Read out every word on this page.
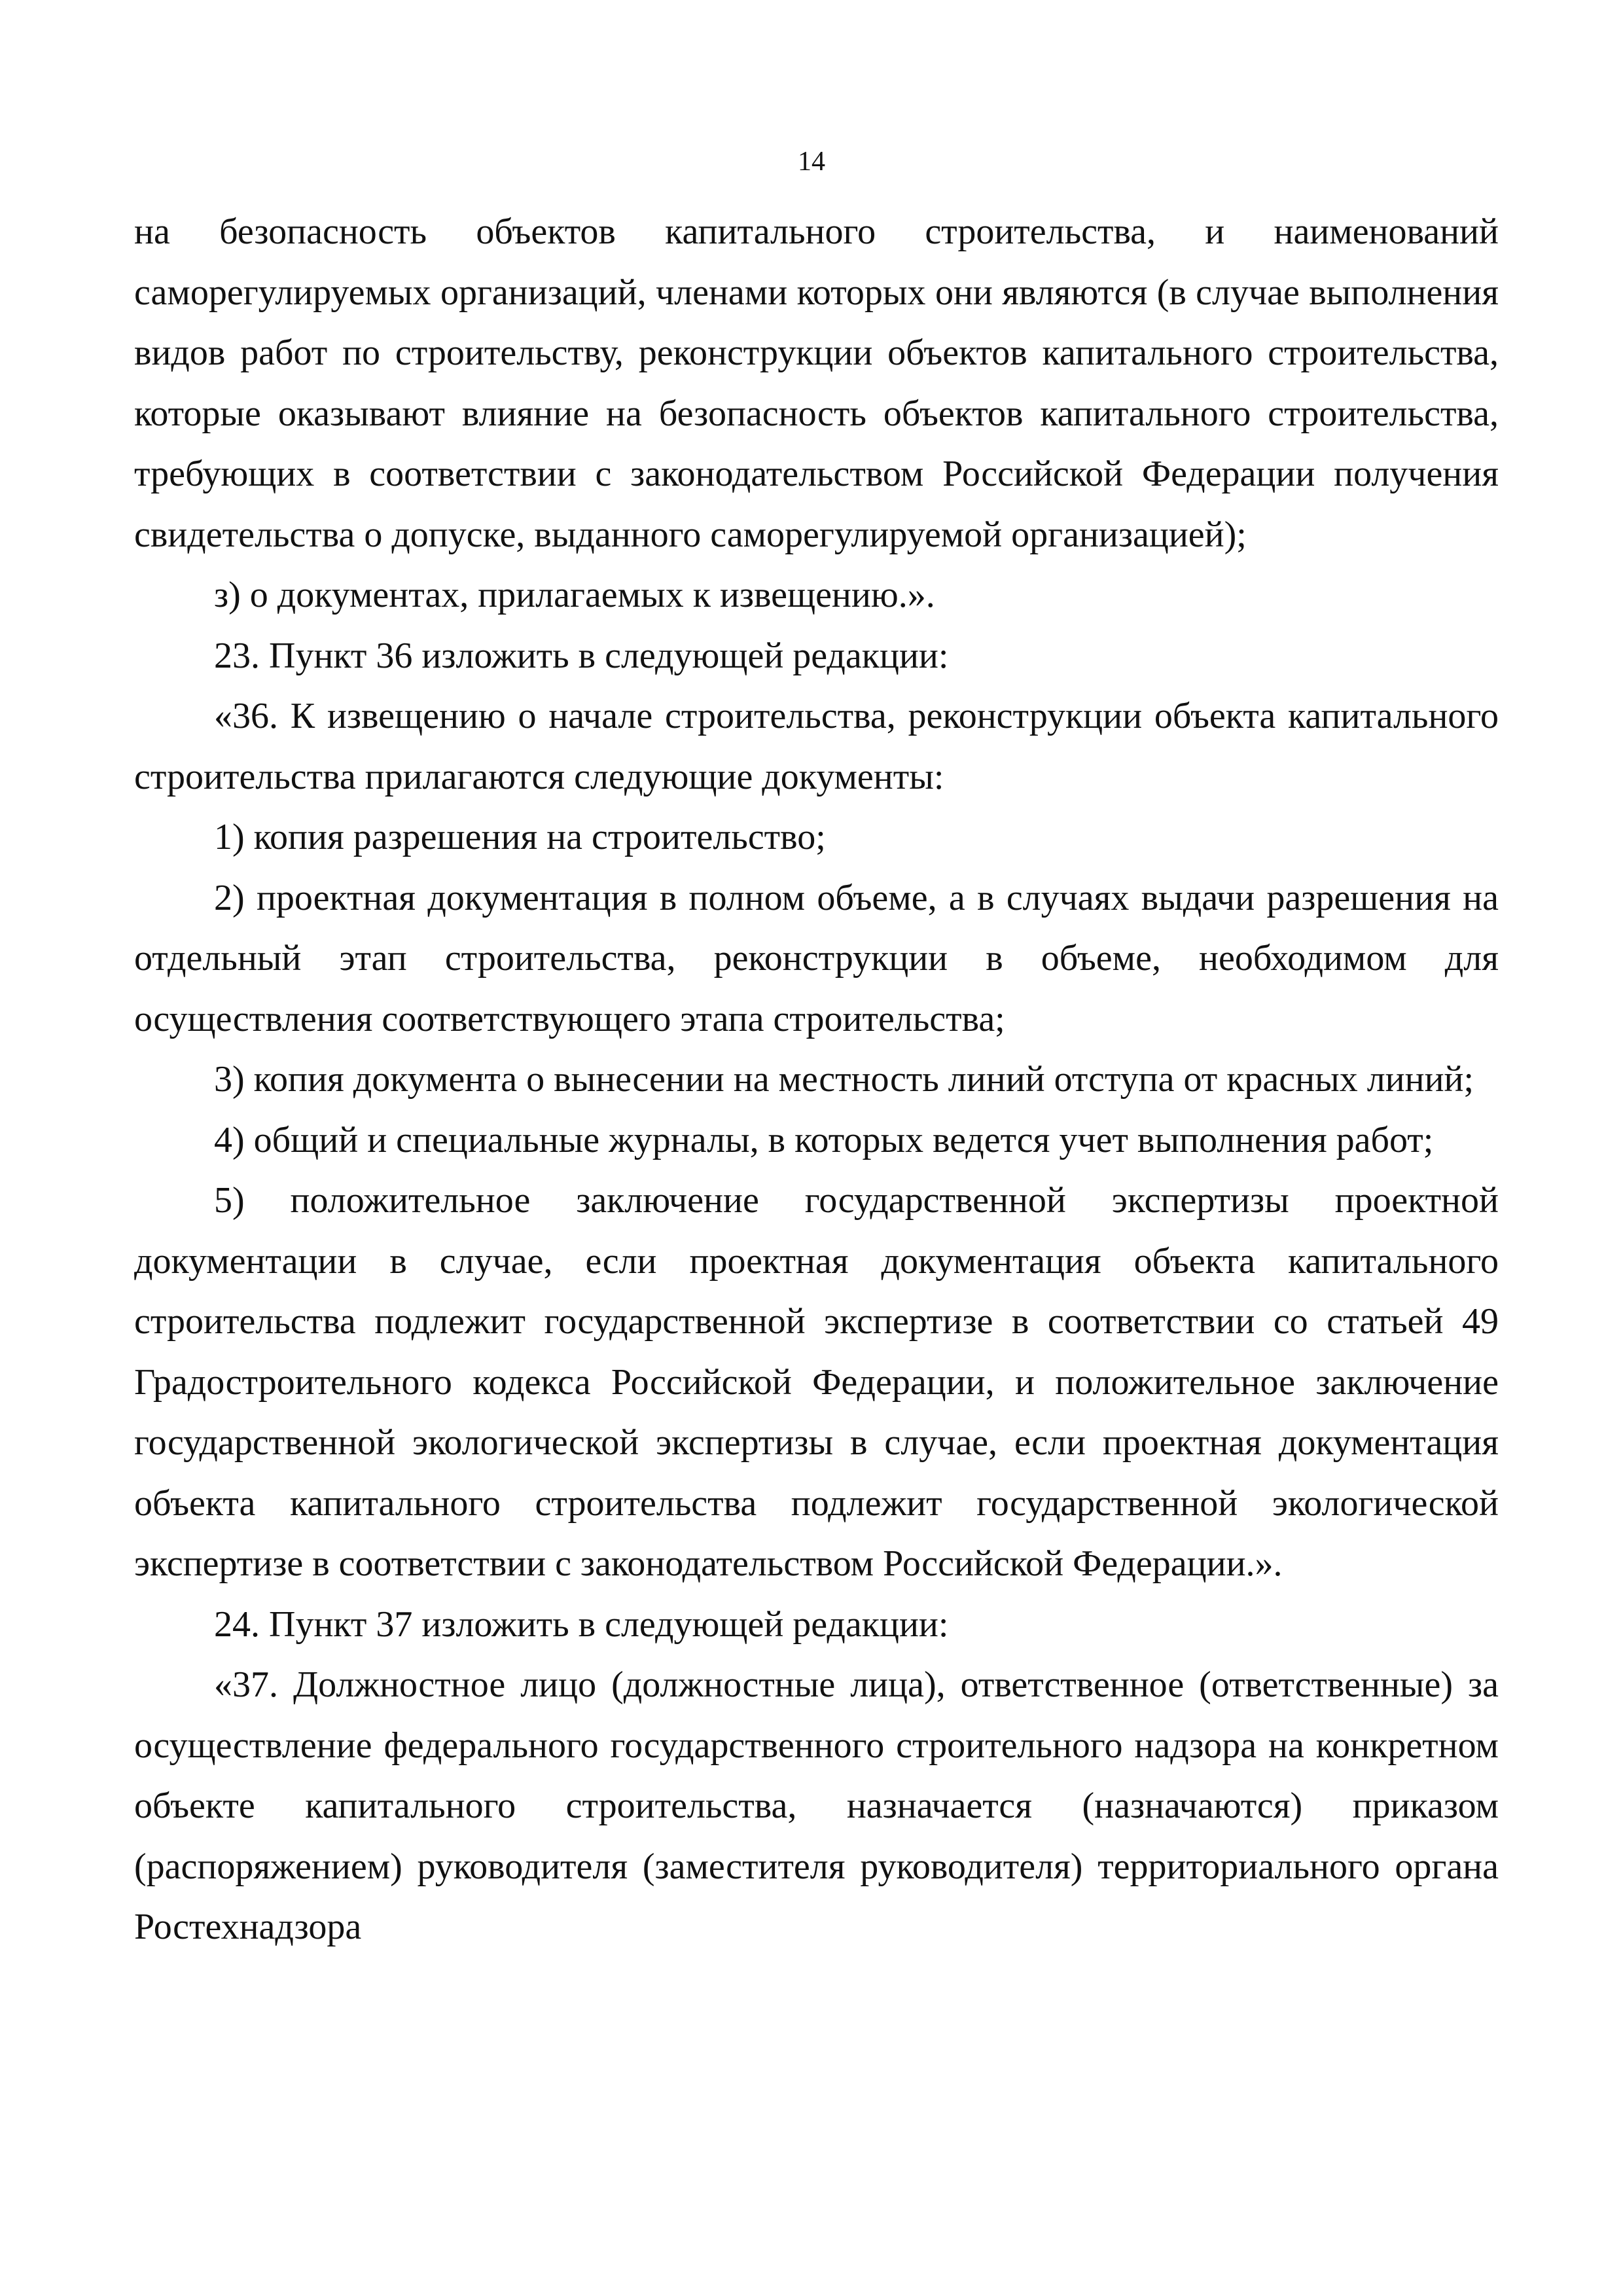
14

на безопасность объектов капитального строительства, и наименований саморегулируемых организаций, членами которых они являются (в случае выполнения видов работ по строительству, реконструкции объектов капитального строительства, которые оказывают влияние на безопасность объектов капитального строительства, требующих в соответствии с законодательством Российской Федерации получения свидетельства о допуске, выданного саморегулируемой организацией);

з) о документах, прилагаемых к извещению.».

23. Пункт 36 изложить в следующей редакции:

«36. К извещению о начале строительства, реконструкции объекта капитального строительства прилагаются следующие документы:

1) копия разрешения на строительство;

2) проектная документация в полном объеме, а в случаях выдачи разрешения на отдельный этап строительства, реконструкции в объеме, необходимом для осуществления соответствующего этапа строительства;

3) копия документа о вынесении на местность линий отступа от красных линий;

4) общий и специальные журналы, в которых ведется учет выполнения работ;

5) положительное заключение государственной экспертизы проектной документации в случае, если проектная документация объекта капитального строительства подлежит государственной экспертизе в соответствии со статьей 49 Градостроительного кодекса Российской Федерации, и положительное заключение государственной экологической экспертизы в случае, если проектная документация объекта капитального строительства подлежит государственной экологической экспертизе в соответствии с законодательством Российской Федерации.».

24. Пункт 37 изложить в следующей редакции:

«37. Должностное лицо (должностные лица), ответственное (ответственные) за осуществление федерального государственного строительного надзора на конкретном объекте капитального строительства, назначается (назначаются) приказом (распоряжением) руководителя (заместителя руководителя) территориального органа Ростехнадзора
